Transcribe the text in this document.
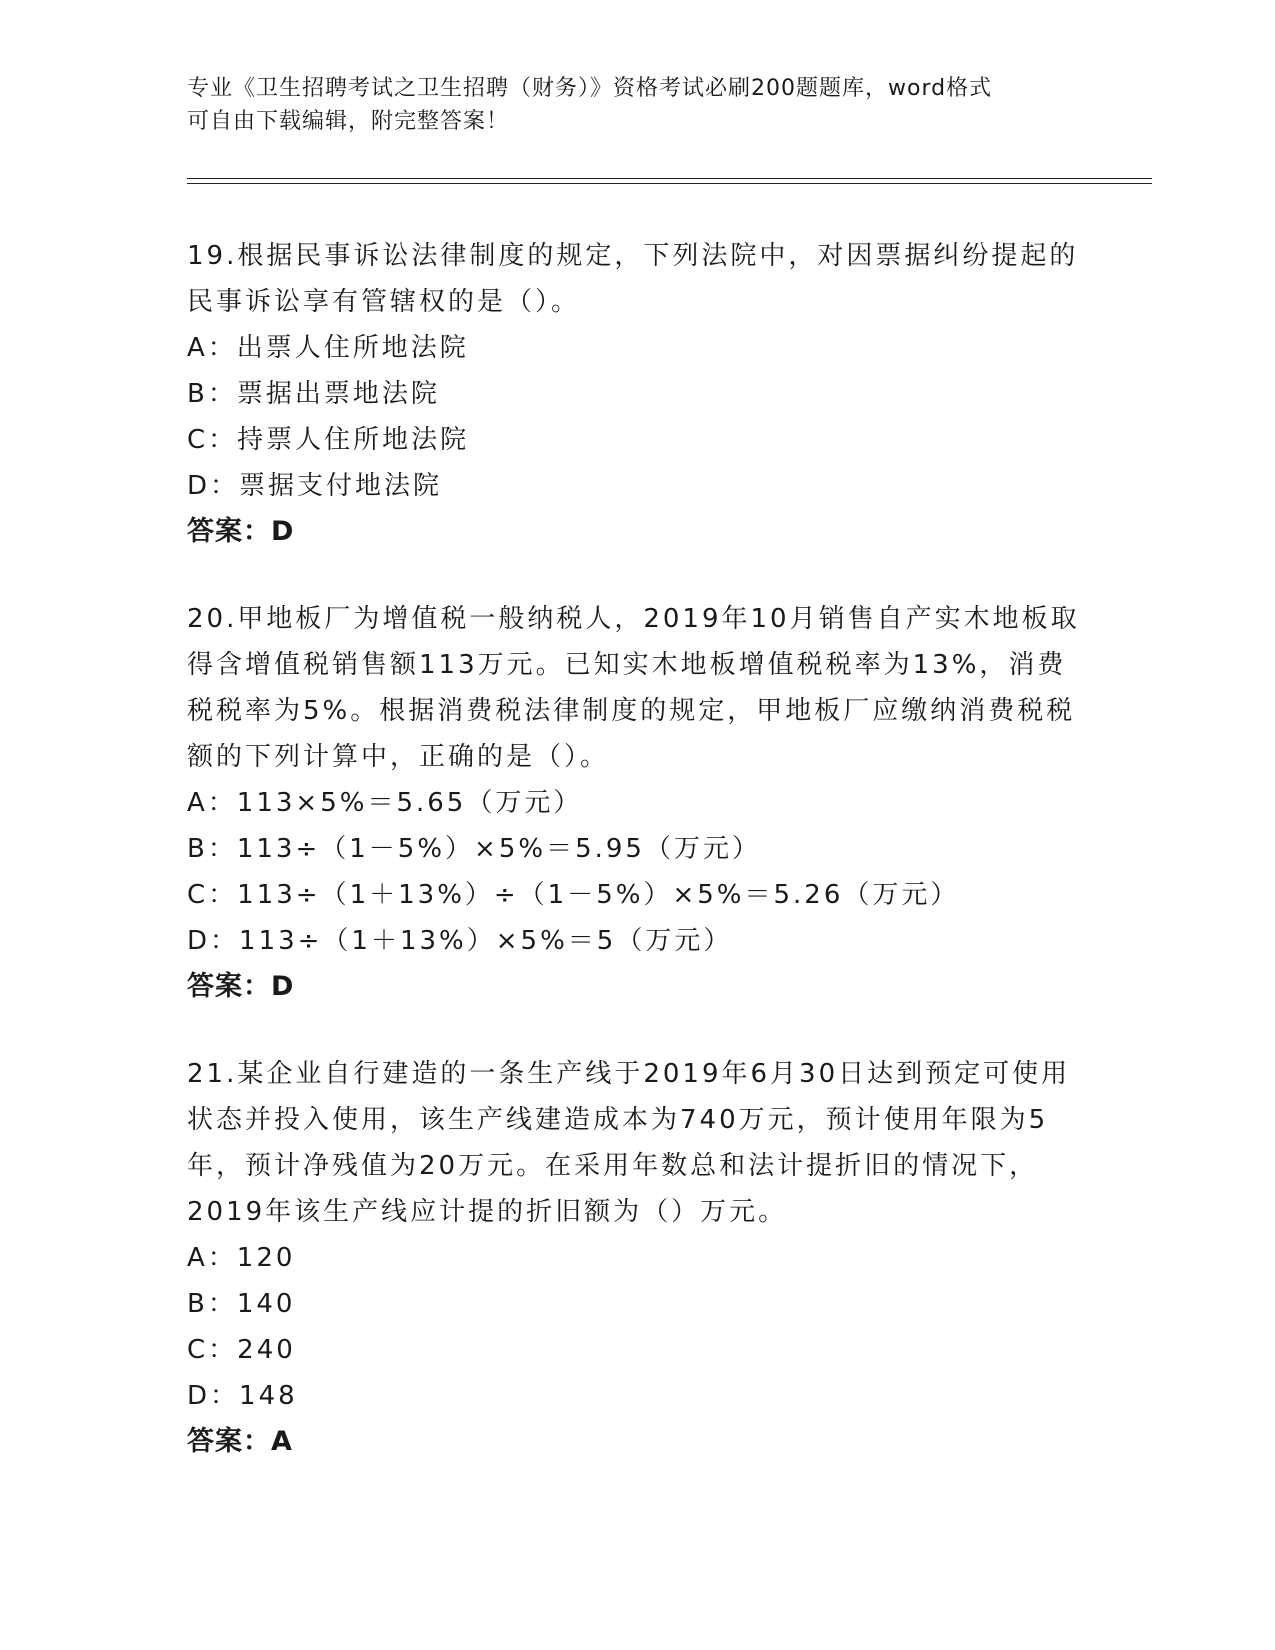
专业《卫生招聘考试之卫生招聘（财务）》资格考试必刷200题题库，word格式
可自由下载编辑，附完整答案！

19.根据民事诉讼法律制度的规定，下列法院中，对因票据纠纷提起的

民事诉讼享有管辖权的是（）。

A：出票人住所地法院

B：票据出票地法院

C：持票人住所地法院

D：票据支付地法院

答案：D

20.甲地板厂为增值税一般纳税人，2019年10月销售自产实木地板取

得含增值税销售额113万元。已知实木地板增值税税率为13%，消费

税税率为5%。根据消费税法律制度的规定，甲地板厂应缴纳消费税税

额的下列计算中，正确的是（）。

A：113×5%＝5.65（万元）

B：113÷（1－5%）×5%＝5.95（万元）

C：113÷（1＋13%）÷（1－5%）×5%＝5.26（万元）

D：113÷（1＋13%）×5%＝5（万元）

答案：D

21.某企业自行建造的一条生产线于2019年6月30日达到预定可使用

状态并投入使用，该生产线建造成本为740万元，预计使用年限为5

年，预计净残值为20万元。在采用年数总和法计提折旧的情况下，

2019年该生产线应计提的折旧额为（）万元。

A：120

B：140

C：240

D：148

答案：A
